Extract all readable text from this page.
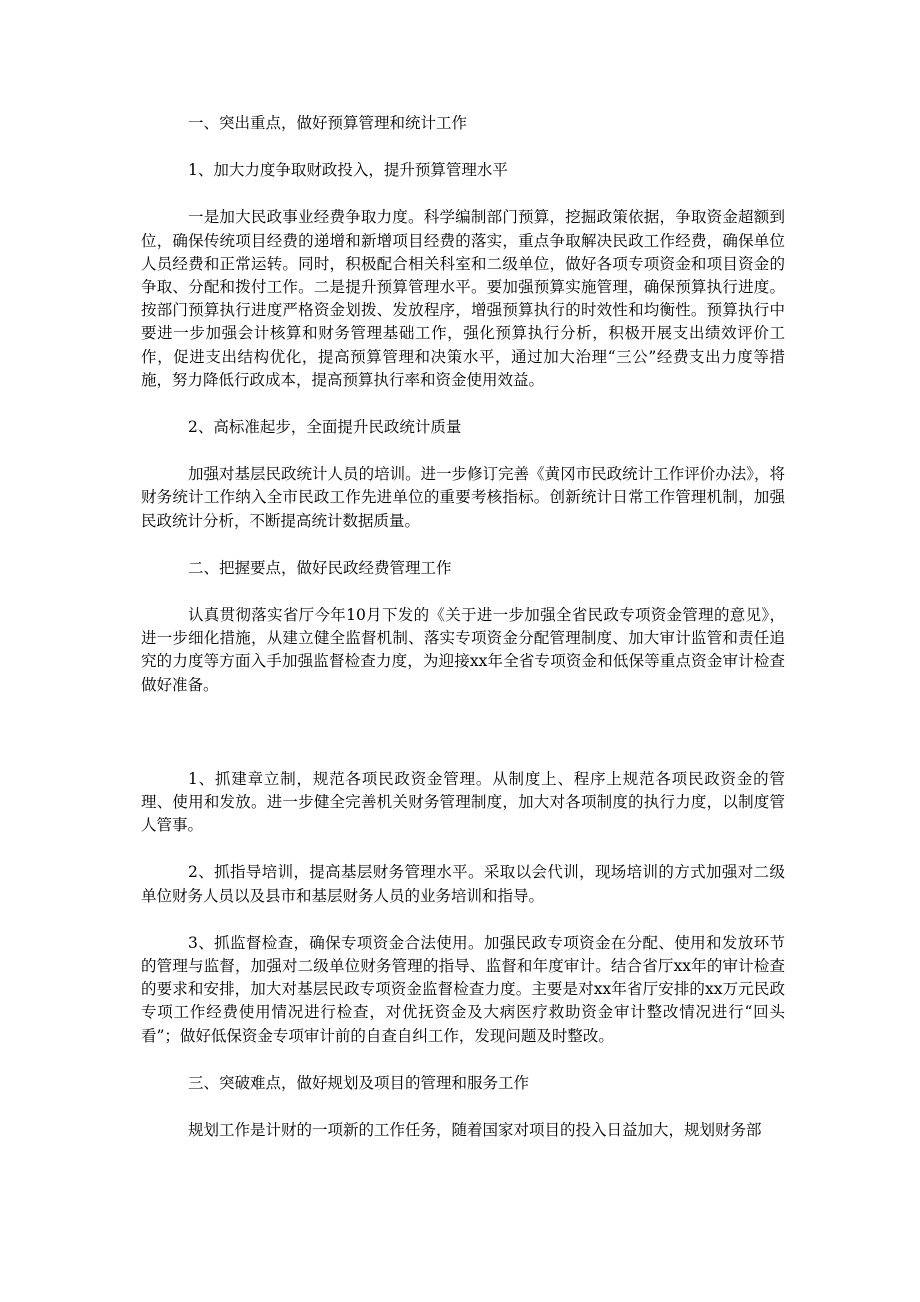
一、突出重点，做好预算管理和统计工作

1、加大力度争取财政投入，提升预算管理水平

一是加大民政事业经费争取力度。科学编制部门预算，挖掘政策依据，争取资金超额到位，确保传统项目经费的递增和新增项目经费的落实，重点争取解决民政工作经费，确保单位人员经费和正常运转。同时，积极配合相关科室和二级单位，做好各项专项资金和项目资金的争取、分配和拨付工作。二是提升预算管理水平。要加强预算实施管理，确保预算执行进度。按部门预算执行进度严格资金划拨、发放程序，增强预算执行的时效性和均衡性。预算执行中要进一步加强会计核算和财务管理基础工作，强化预算执行分析，积极开展支出绩效评价工作，促进支出结构优化，提高预算管理和决策水平，通过加大治理“三公”经费支出力度等措施，努力降低行政成本，提高预算执行率和资金使用效益。

2、高标准起步，全面提升民政统计质量

加强对基层民政统计人员的培训。进一步修订完善《黄冈市民政统计工作评价办法》，将财务统计工作纳入全市民政工作先进单位的重要考核指标。创新统计日常工作管理机制，加强民政统计分析，不断提高统计数据质量。

二、把握要点，做好民政经费管理工作

认真贯彻落实省厅今年10月下发的《关于进一步加强全省民政专项资金管理的意见》，进一步细化措施，从建立健全监督机制、落实专项资金分配管理制度、加大审计监管和责任追究的力度等方面入手加强监督检查力度，为迎接xx年全省专项资金和低保等重点资金审计检查做好准备。

1、抓建章立制，规范各项民政资金管理。从制度上、程序上规范各项民政资金的管理、使用和发放。进一步健全完善机关财务管理制度，加大对各项制度的执行力度，以制度管人管事。

2、抓指导培训，提高基层财务管理水平。采取以会代训，现场培训的方式加强对二级单位财务人员以及县市和基层财务人员的业务培训和指导。

3、抓监督检查，确保专项资金合法使用。加强民政专项资金在分配、使用和发放环节的管理与监督，加强对二级单位财务管理的指导、监督和年度审计。结合省厅xx年的审计检查的要求和安排，加大对基层民政专项资金监督检查力度。主要是对xx年省厅安排的xx万元民政专项工作经费使用情况进行检查，对优抚资金及大病医疗救助资金审计整改情况进行“回头看”；做好低保资金专项审计前的自查自纠工作，发现问题及时整改。

三、突破难点，做好规划及项目的管理和服务工作

规划工作是计财的一项新的工作任务，随着国家对项目的投入日益加大，规划财务部
